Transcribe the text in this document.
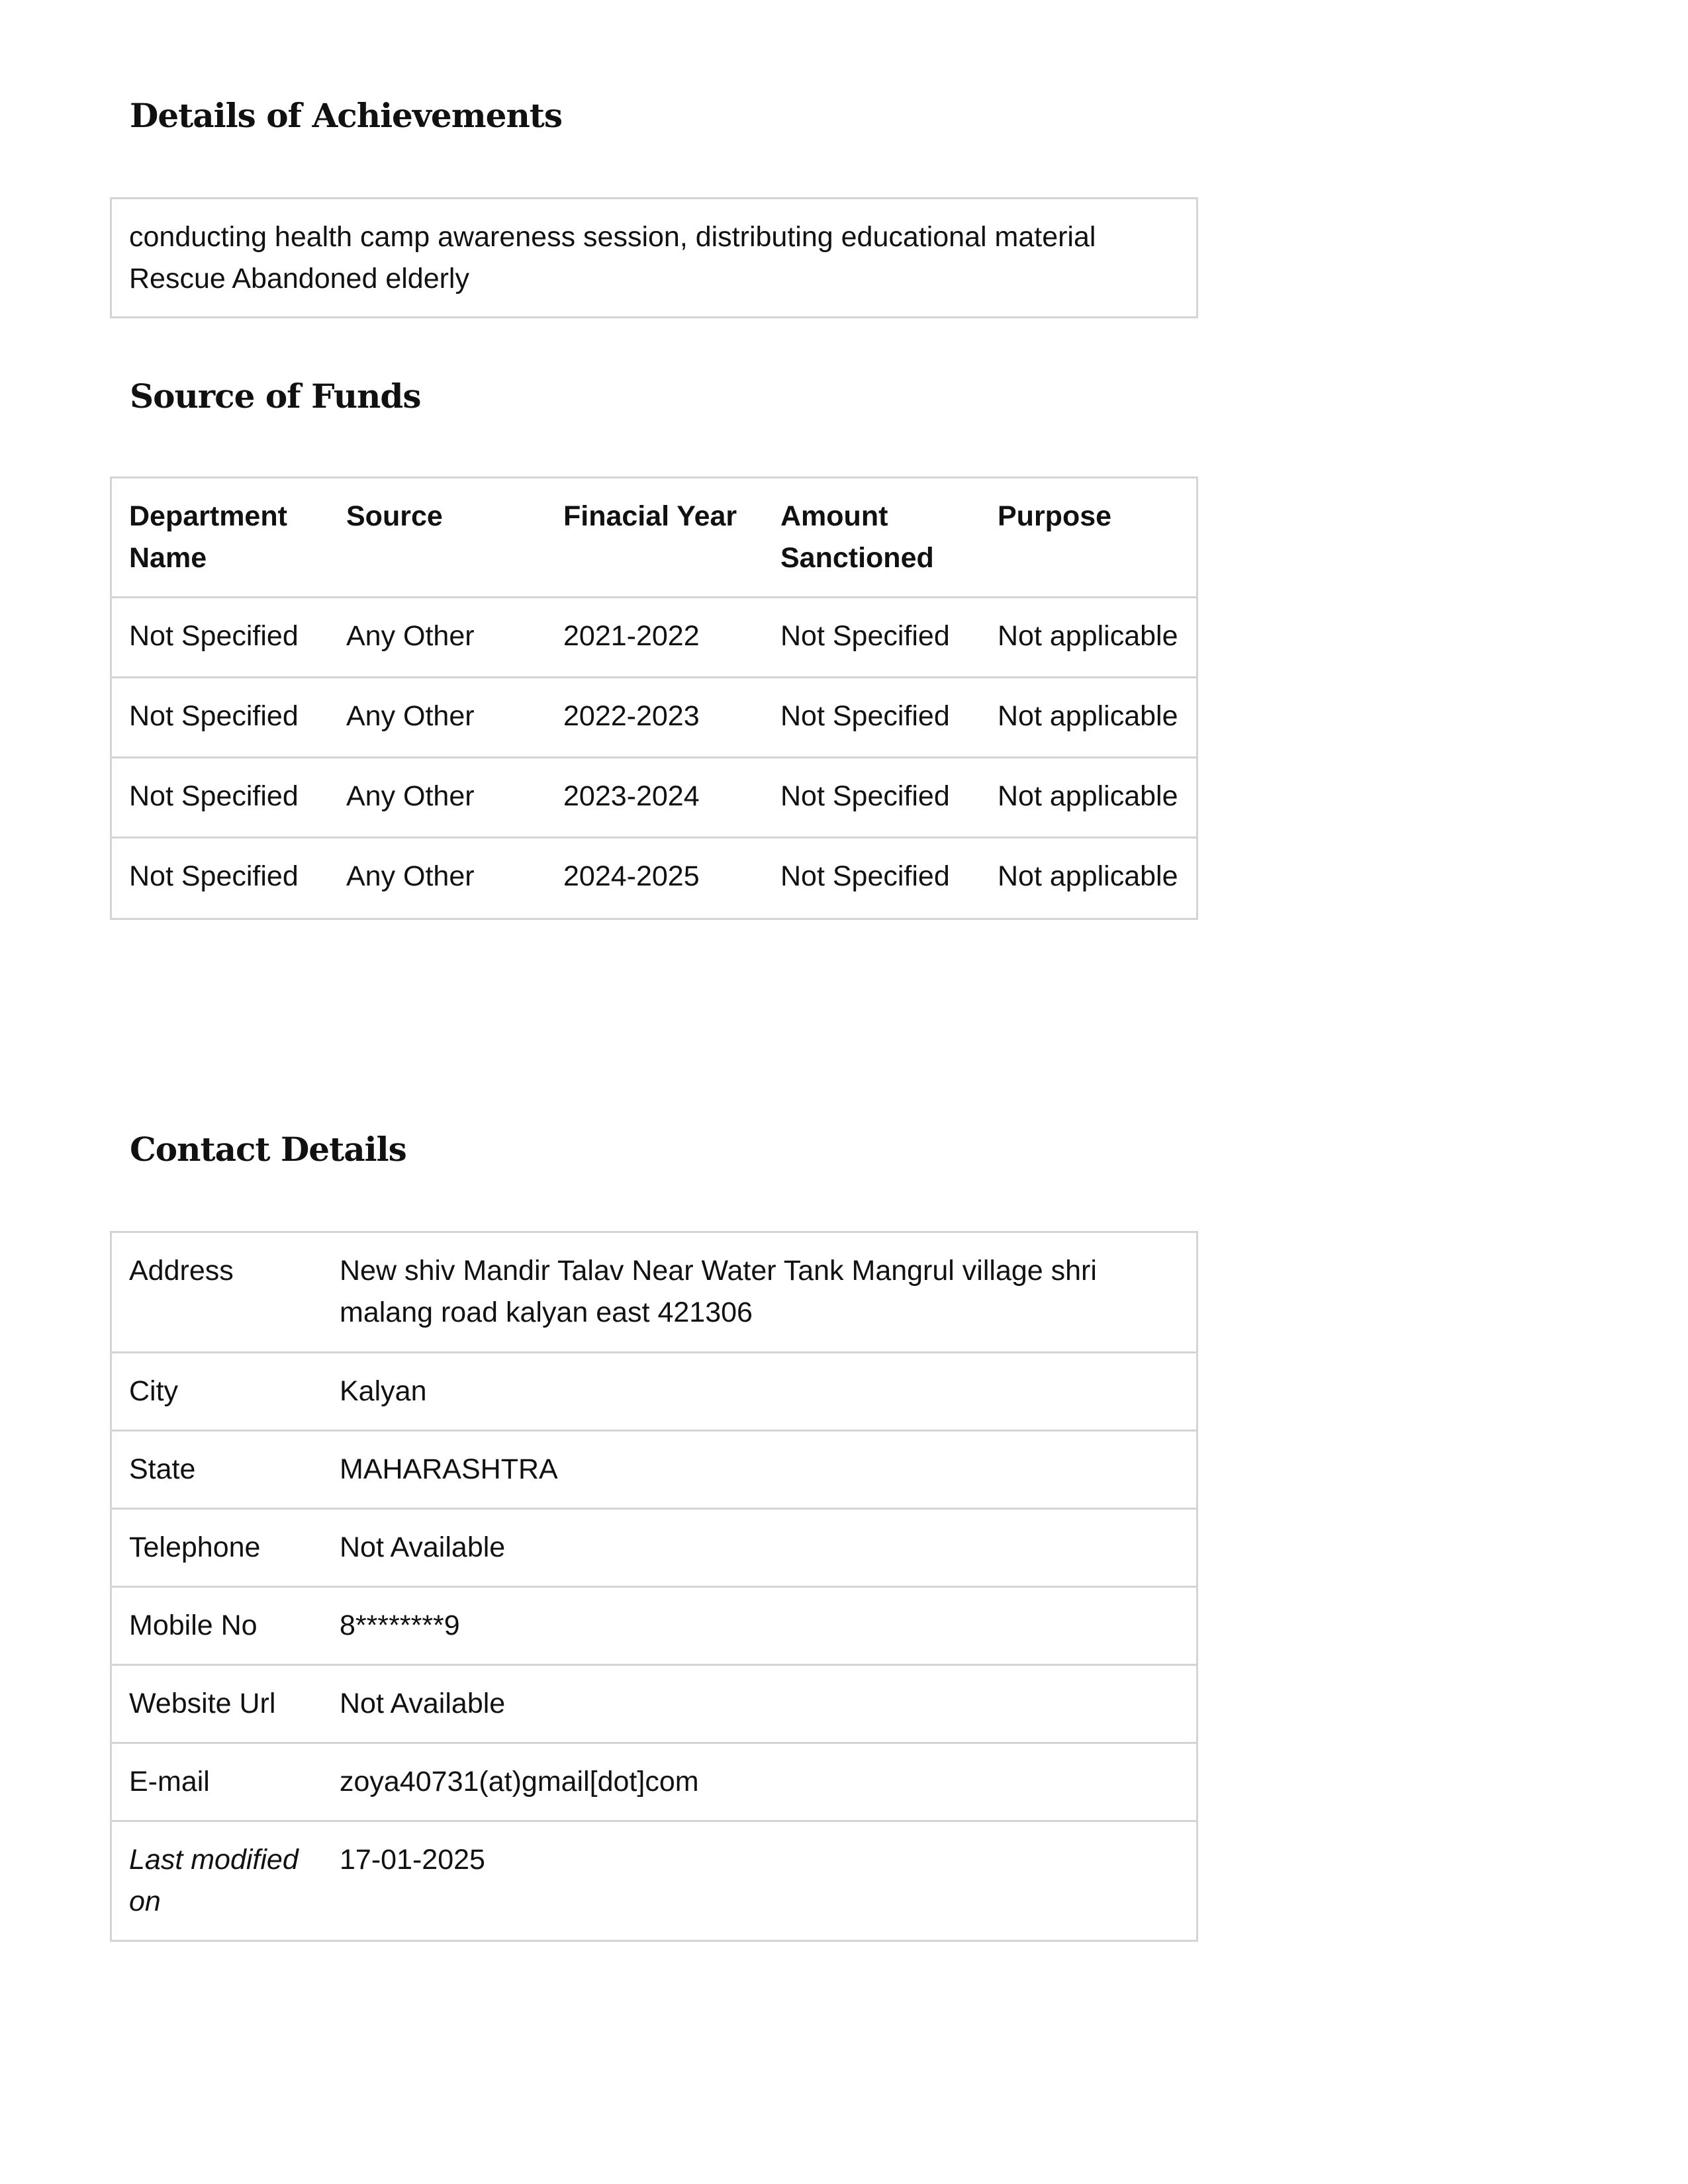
Details of Achievements
conducting health camp awareness session, distributing educational material
Rescue Abandoned elderly
Source of Funds
Department Name	Source	Finacial Year	Amount Sanctioned	Purpose
Not Specified	Any Other	2021-2022	Not Specified	Not applicable
Not Specified	Any Other	2022-2023	Not Specified	Not applicable
Not Specified	Any Other	2023-2024	Not Specified	Not applicable
Not Specified	Any Other	2024-2025	Not Specified	Not applicable
Contact Details
Address	New shiv Mandir Talav Near Water Tank Mangrul village shri malang road kalyan east 421306
City	Kalyan
State	MAHARASHTRA
Telephone	Not Available
Mobile No	8********9
Website Url	Not Available
E-mail	zoya40731(at)gmail[dot]com
Last modified on	17-01-2025
